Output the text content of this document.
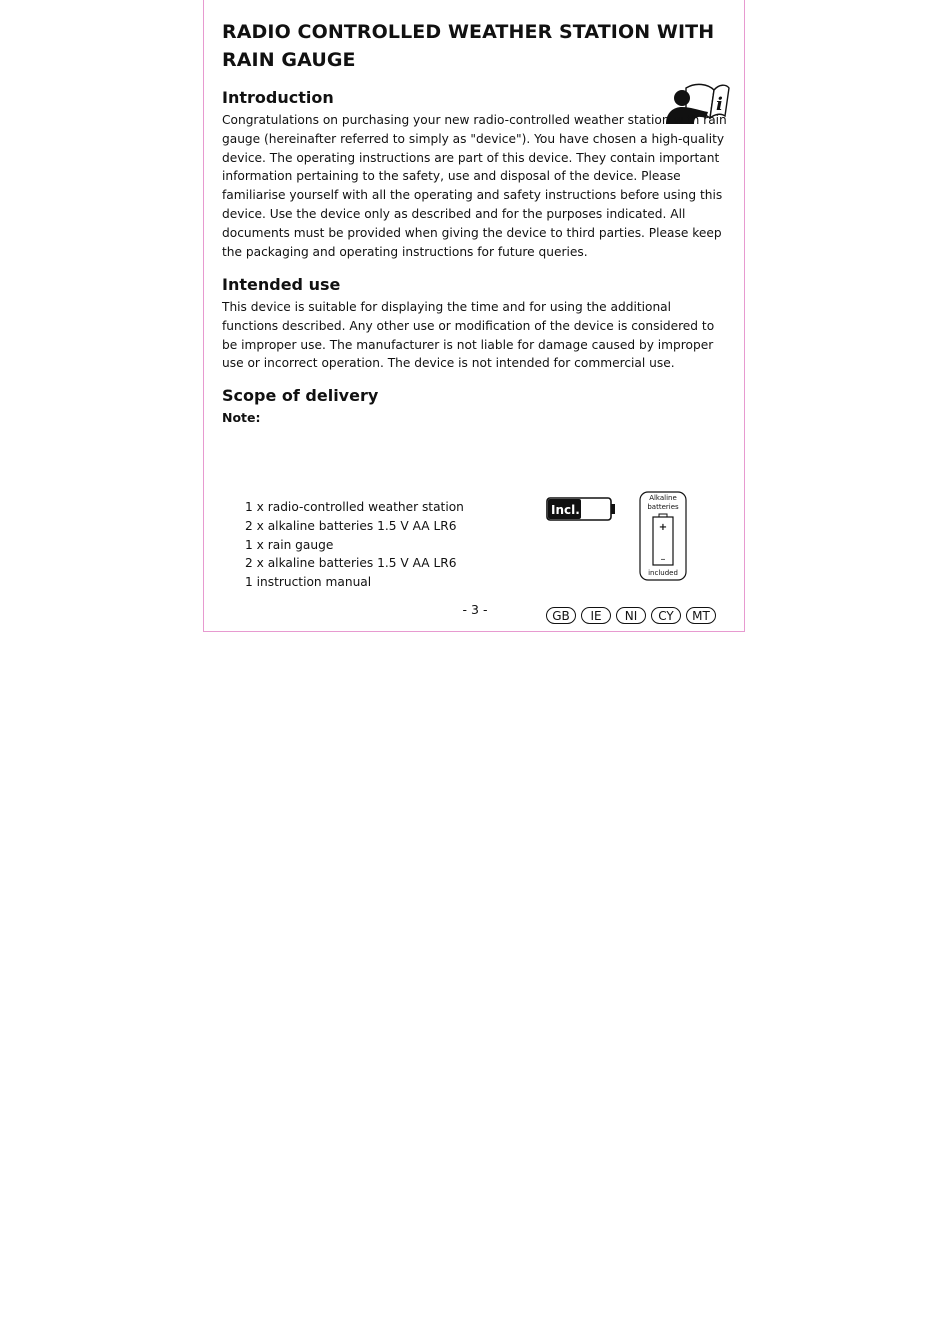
RADIO CONTROLLED WEATHER STATION WITH RAIN GAUGE
Introduction	i

Congratulations on purchasing your new radio-controlled weather station with rain gauge (hereinafter referred to simply as "device"). You have chosen a high-quality device. The operating instructions are part of this device. They contain important information pertaining to the safety, use and disposal of the device. Please familiarise yourself with all the operating and safety instructions before using this device. Use the device only as described and for the purposes indicated. All documents must be provided when giving the device to third parties. Please keep the packaging and operating instructions for future queries.

Intended use

This device is suitable for displaying the time and for using the additional functions described. Any other use or modification of the device is considered to be improper use. The manufacturer is not liable for damage caused by improper use or incorrect operation. The device is not intended for commercial use.

Scope of delivery
Note:
1 x radio-controlled weather station
2 x alkaline batteries 1.5 V AA LR6
1 x rain gauge
2 x alkaline batteries 1.5 V AA LR6
1 instruction manual
Incl.
Alkaline
batteries
+
–
included
- 3 -	GB	IE	NI	CY	MT
